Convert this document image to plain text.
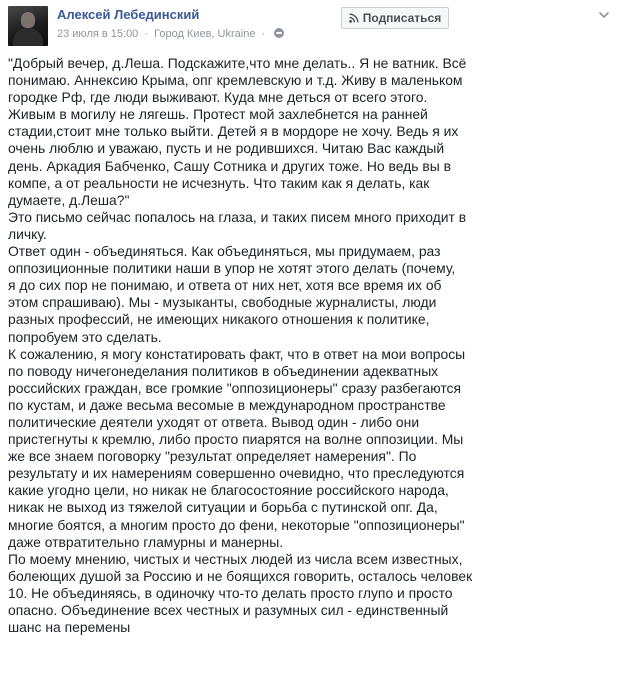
Алексей Лебединский
23 июля в 15:00 · Город Киев, Ukraine ·
Подписаться
"Добрый вечер, д.Леша. Подскажите,что мне делать.. Я не ватник. Всё
понимаю. Аннексию Крыма, опг кремлевскую и т.д. Живу в маленьком
городке Рф, где люди выживают. Куда мне деться от всего этого.
Живым в могилу не лягешь. Протест мой захлебнется на ранней
стадии,стоит мне только выйти. Детей я в мордоре не хочу. Ведь я их
очень люблю и уважаю, пусть и не родившихся. Читаю Вас каждый
день. Аркадия Бабченко, Сашу Сотника и других тоже. Но ведь вы в
компе, а от реальности не исчезнуть. Что таким как я делать, как
думаете, д.Леша?"
Это письмо сейчас попалось на глаза, и таких писем много приходит в
личку.
Ответ один - объединяться. Как объединяться, мы придумаем, раз
оппозиционные политики наши в упор не хотят этого делать (почему,
я до сих пор не понимаю, и ответа от них нет, хотя все время их об
этом спрашиваю). Мы - музыканты, свободные журналисты, люди
разных профессий, не имеющих никакого отношения к политике,
попробуем это сделать.
К сожалению, я могу констатировать факт, что в ответ на мои вопросы
по поводу ничегонеделания политиков в объединении адекватных
российских граждан, все громкие "оппозиционеры" сразу разбегаются
по кустам, и даже весьма весомые в международном пространстве
политические деятели уходят от ответа. Вывод один - либо они
пристегнуты к кремлю, либо просто пиарятся на волне оппозиции. Мы
же все знаем поговорку "результат определяет намерения". По
результату и их намерениям совершенно очевидно, что преследуются
какие угодно цели, но никак не благосостояние российского народа,
никак не выход из тяжелой ситуации и борьба с путинской опг. Да,
многие боятся, а многим просто до фени, некоторые "оппозиционеры"
даже отвратительно гламурны и манерны.
По моему мнению, чистых и честных людей из числа всем известных,
болеющих душой за Россию и не боящихся говорить, осталось человек
10. Не объединяясь, в одиночку что-то делать просто глупо и просто
опасно. Объединение всех честных и разумных сил - единственный
шанс на перемены
